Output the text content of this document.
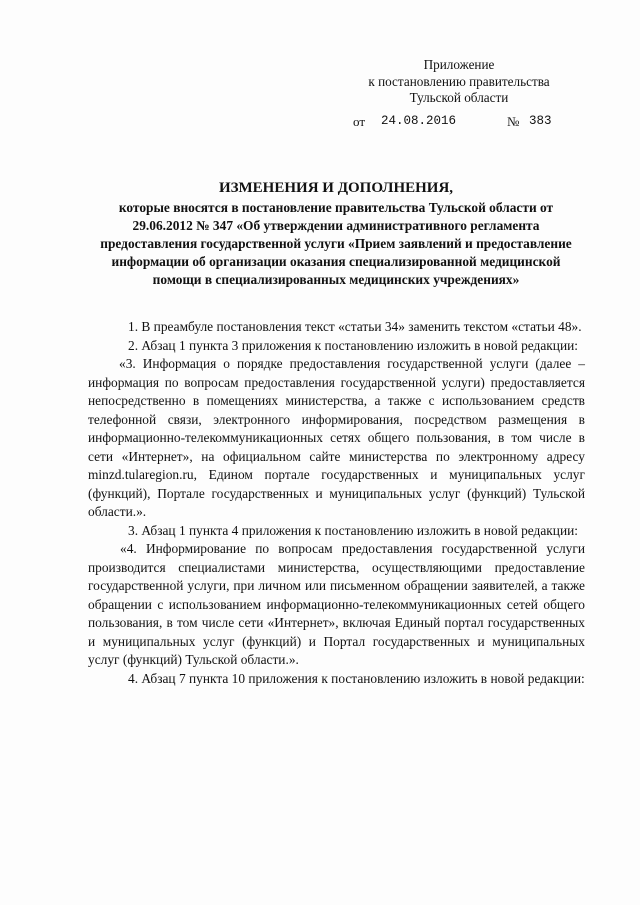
Приложение
к постановлению правительства
Тульской области
от 24.08.2016	№ 383
ИЗМЕНЕНИЯ И ДОПОЛНЕНИЯ,
которые вносятся в постановление правительства Тульской области от 29.06.2012 № 347 «Об утверждении административного регламента предоставления государственной услуги «Прием заявлений и предоставление информации об организации оказания специализированной медицинской помощи в специализированных медицинских учреждениях»

1. В преамбуле постановления текст «статьи 34» заменить текстом «статьи 48».

2. Абзац 1 пункта 3 приложения к постановлению изложить в новой редакции:

«3. Информация о порядке предоставления государственной услуги (далее – информация по вопросам предоставления государственной услуги) предоставляется непосредственно в помещениях министерства, а также с использованием средств телефонной связи, электронного информирования, посредством размещения в информационно-телекоммуникационных сетях общего пользования, в том числе в сети «Интернет», на официальном сайте министерства по электронному адресу minzd.tularegion.ru, Едином портале государственных и муниципальных услуг (функций), Портале государственных и муниципальных услуг (функций) Тульской области.».

3. Абзац 1 пункта 4 приложения к постановлению изложить в новой редакции:

«4. Информирование по вопросам предоставления государственной услуги производится специалистами министерства, осуществляющими предоставление государственной услуги, при личном или письменном обращении заявителей, а также обращении с использованием информационно-телекоммуникационных сетей общего пользования, в том числе сети «Интернет», включая Единый портал государственных и муниципальных услуг (функций) и Портал государственных и муниципальных услуг (функций) Тульской области.».

4. Абзац 7 пункта 10 приложения к постановлению изложить в новой редакции:
